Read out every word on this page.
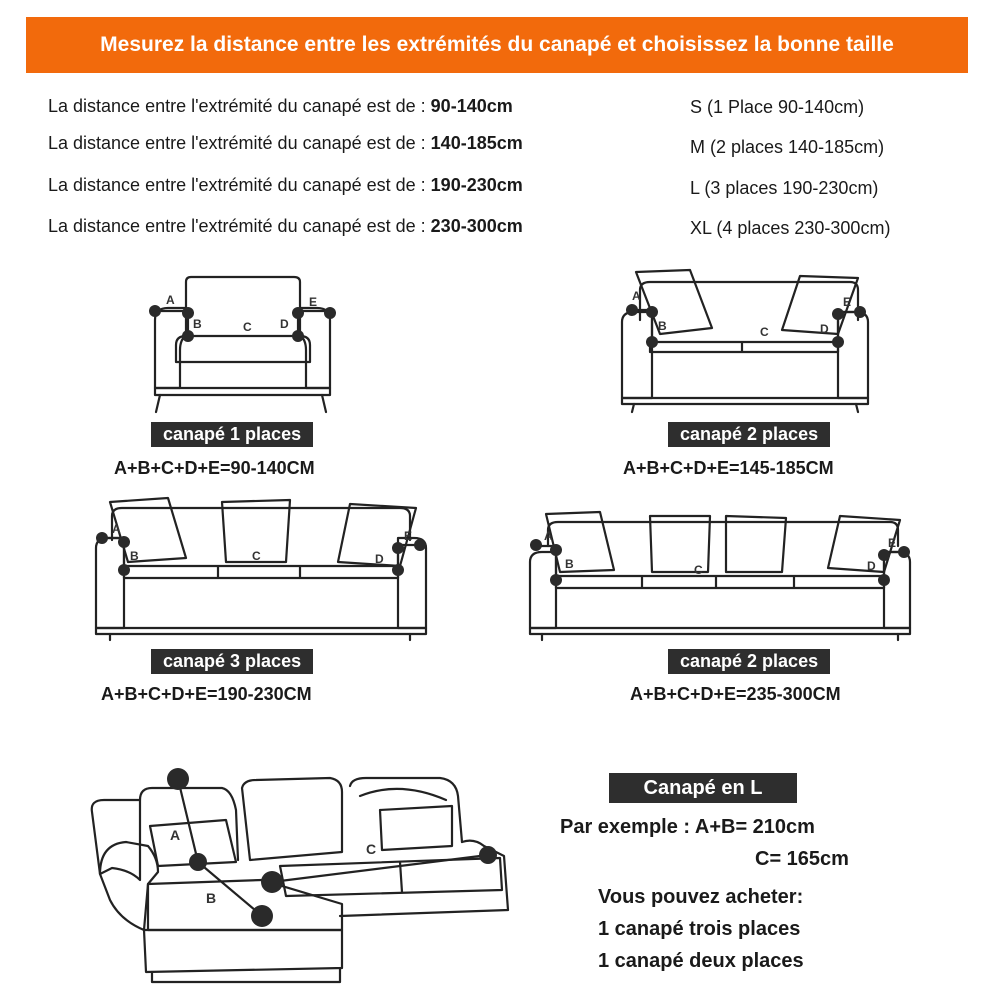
Mesurez la distance entre les extrémités du canapé et choisissez la bonne taille
La distance entre l'extrémité du canapé est de : 90-140cm
La distance entre l'extrémité du canapé est de : 140-185cm
La distance entre l'extrémité du canapé est de : 190-230cm
La distance entre l'extrémité du canapé est de : 230-300cm
S (1 Place 90-140cm)
M (2 places 140-185cm)
L (3 places 190-230cm)
XL (4 places 230-300cm)
A
B	C D
E	A
B	C	D
E
A
B	C	D
E	A
B	C	D
E
A
B
C
canapé 1 places
A+B+C+D+E=90-140CM
canapé 2 places
A+B+C+D+E=145-185CM
canapé 3 places
A+B+C+D+E=190-230CM
canapé 2 places
A+B+C+D+E=235-300CM
Canapé en L
Par exemple : A+B= 210cm
C= 165cm
Vous pouvez acheter:
1 canapé trois places
1 canapé deux places
